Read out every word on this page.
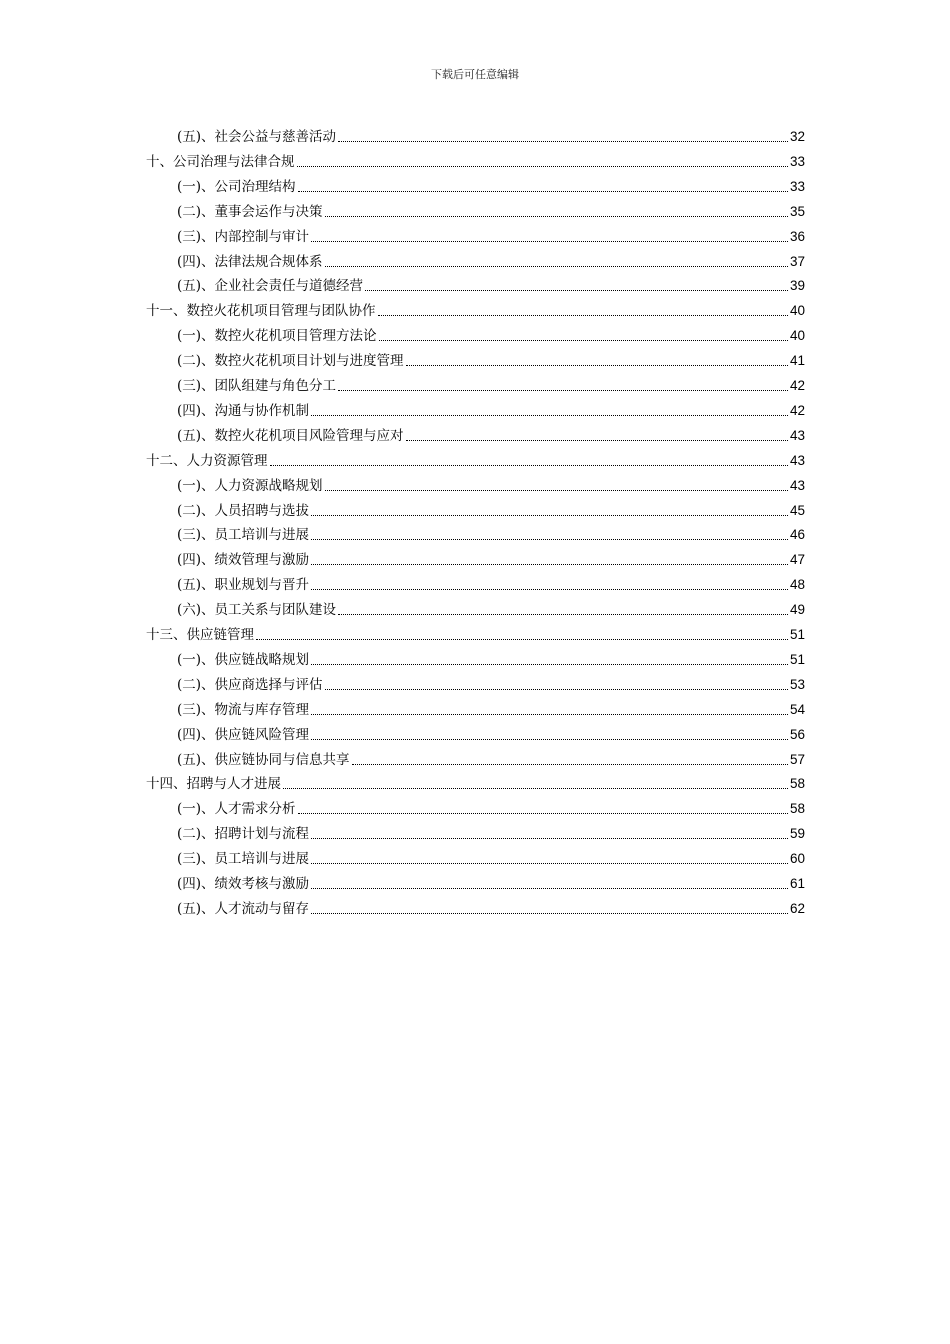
下载后可任意编辑
(五)、社会公益与慈善活动	32
十、公司治理与法律合规	33
(一)、公司治理结构	33
(二)、董事会运作与决策	35
(三)、内部控制与审计	36
(四)、法律法规合规体系	37
(五)、企业社会责任与道德经营	39
十一、数控火花机项目管理与团队协作	40
(一)、数控火花机项目管理方法论	40
(二)、数控火花机项目计划与进度管理	41
(三)、团队组建与角色分工	42
(四)、沟通与协作机制	42
(五)、数控火花机项目风险管理与应对	43
十二、人力资源管理	43
(一)、人力资源战略规划	43
(二)、人员招聘与选拔	45
(三)、员工培训与进展	46
(四)、绩效管理与激励	47
(五)、职业规划与晋升	48
(六)、员工关系与团队建设	49
十三、供应链管理	51
(一)、供应链战略规划	51
(二)、供应商选择与评估	53
(三)、物流与库存管理	54
(四)、供应链风险管理	56
(五)、供应链协同与信息共享	57
十四、招聘与人才进展	58
(一)、人才需求分析	58
(二)、招聘计划与流程	59
(三)、员工培训与进展	60
(四)、绩效考核与激励	61
(五)、人才流动与留存	62
